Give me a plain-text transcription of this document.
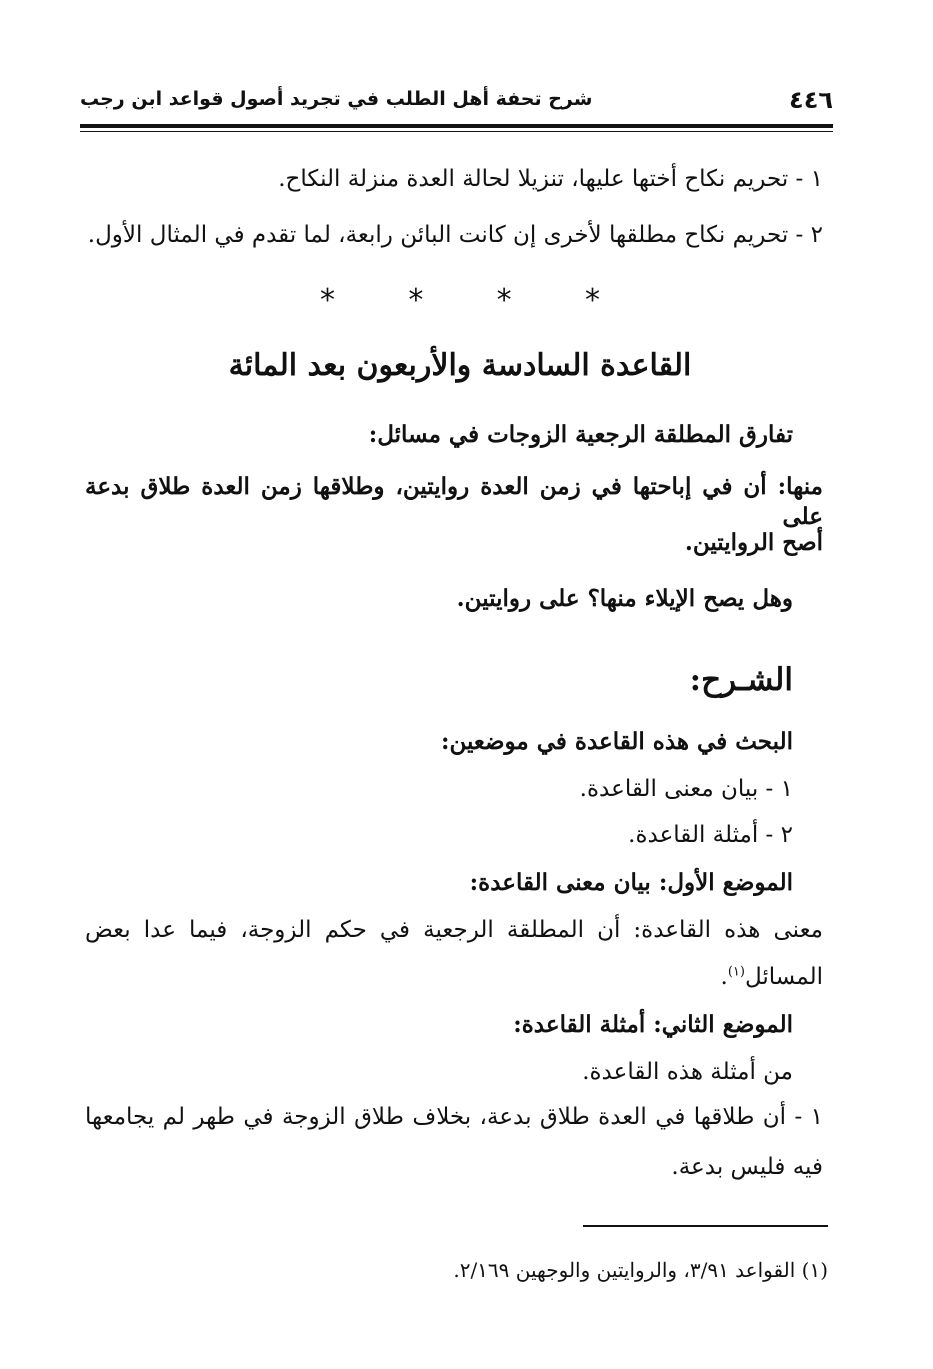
شرح تحفة أهل الطلب في تجريد أصول قواعد ابن رجب	٤٤٦
١ - تحريم نكاح أختها عليها، تنزيلا لحالة العدة منزلة النكاح.
٢ - تحريم نكاح مطلقها لأخرى إن كانت البائن رابعة، لما تقدم في المثال الأول.
* * * *
القاعدة السادسة والأربعون بعد المائة
تفارق المطلقة الرجعية الزوجات في مسائل:
منها: أن في إباحتها في زمن العدة روايتين، وطلاقها زمن العدة طلاق بدعة على
أصح الروايتين.
وهل يصح الإيلاء منها؟ على روايتين.
الشـرح:
البحث في هذه القاعدة في موضعين:
١ - بيان معنى القاعدة.
٢ - أمثلة القاعدة.
الموضع الأول: بيان معنى القاعدة:
معنى هذه القاعدة: أن المطلقة الرجعية في حكم الزوجة، فيما عدا بعض
المسائل$^{(١)}$.
الموضع الثاني: أمثلة القاعدة:
من أمثلة هذه القاعدة.
١ - أن طلاقها في العدة طلاق بدعة، بخلاف طلاق الزوجة في طهر لم يجامعها
فيه فليس بدعة.
(١) القواعد ٣/٩١، والروايتين والوجهين ٢/١٦٩.
